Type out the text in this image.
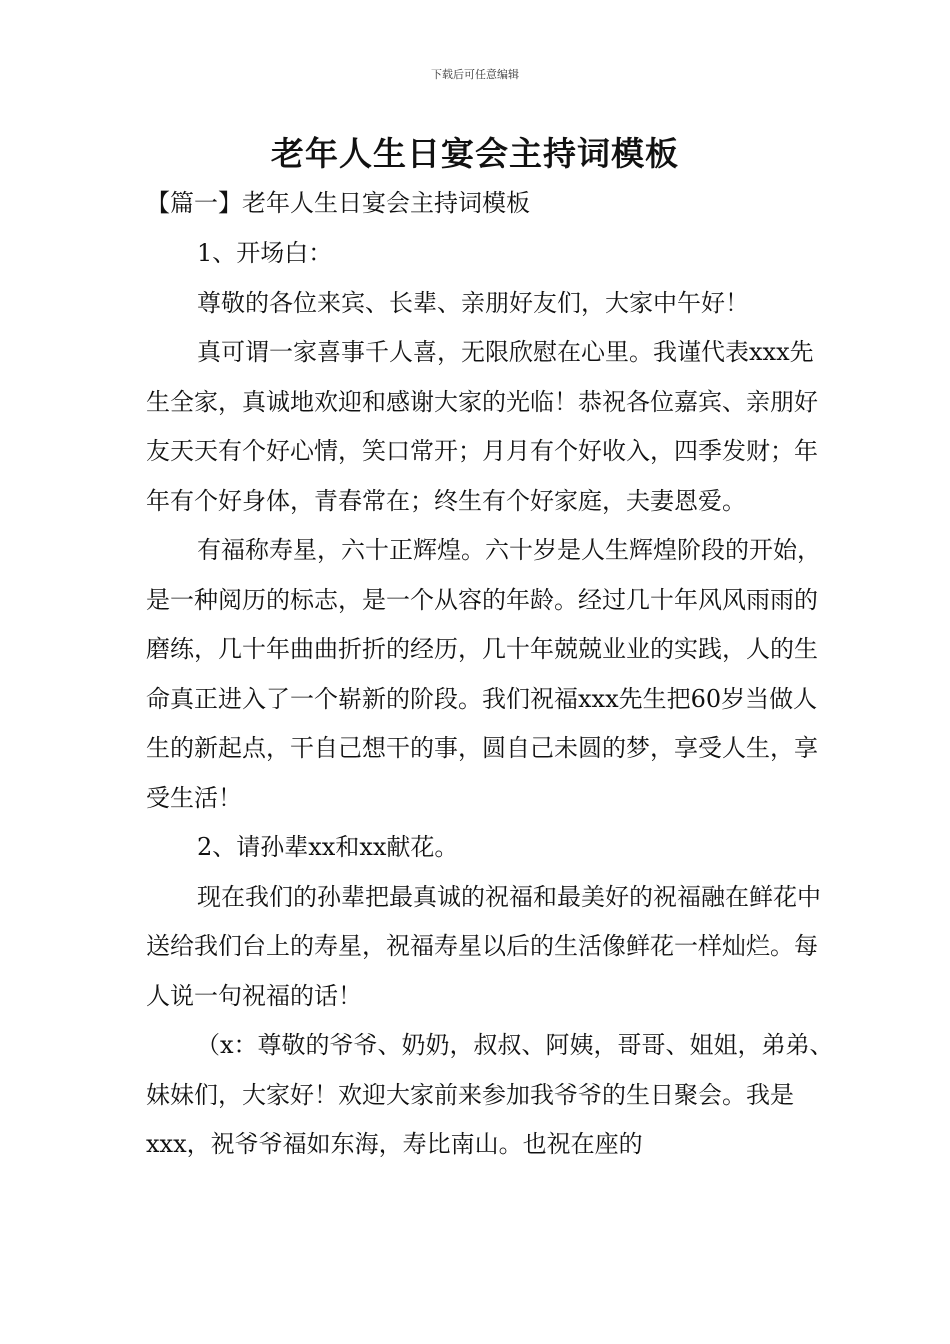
下载后可任意编辑
老年人生日宴会主持词模板
【篇一】老年人生日宴会主持词模板

1、开场白：

尊敬的各位来宾、长辈、亲朋好友们，大家中午好！

真可谓一家喜事千人喜，无限欣慰在心里。我谨代表xxx先生全家，真诚地欢迎和感谢大家的光临！恭祝各位嘉宾、亲朋好友天天有个好心情，笑口常开；月月有个好收入，四季发财；年年有个好身体，青春常在；终生有个好家庭，夫妻恩爱。

有福称寿星，六十正辉煌。六十岁是人生辉煌阶段的开始，是一种阅历的标志，是一个从容的年龄。经过几十年风风雨雨的磨练，几十年曲曲折折的经历，几十年兢兢业业的实践，人的生命真正进入了一个崭新的阶段。我们祝福xxx先生把60岁当做人生的新起点，干自己想干的事，圆自己未圆的梦，享受人生，享受生活！

2、请孙辈xx和xx献花。

现在我们的孙辈把最真诚的祝福和最美好的祝福融在鲜花中送给我们台上的寿星，祝福寿星以后的生活像鲜花一样灿烂。每人说一句祝福的话！

（x：尊敬的爷爷、奶奶，叔叔、阿姨，哥哥、姐姐，弟弟、妹妹们，大家好！欢迎大家前来参加我爷爷的生日聚会。我是xxx，祝爷爷福如东海，寿比南山。也祝在座的
